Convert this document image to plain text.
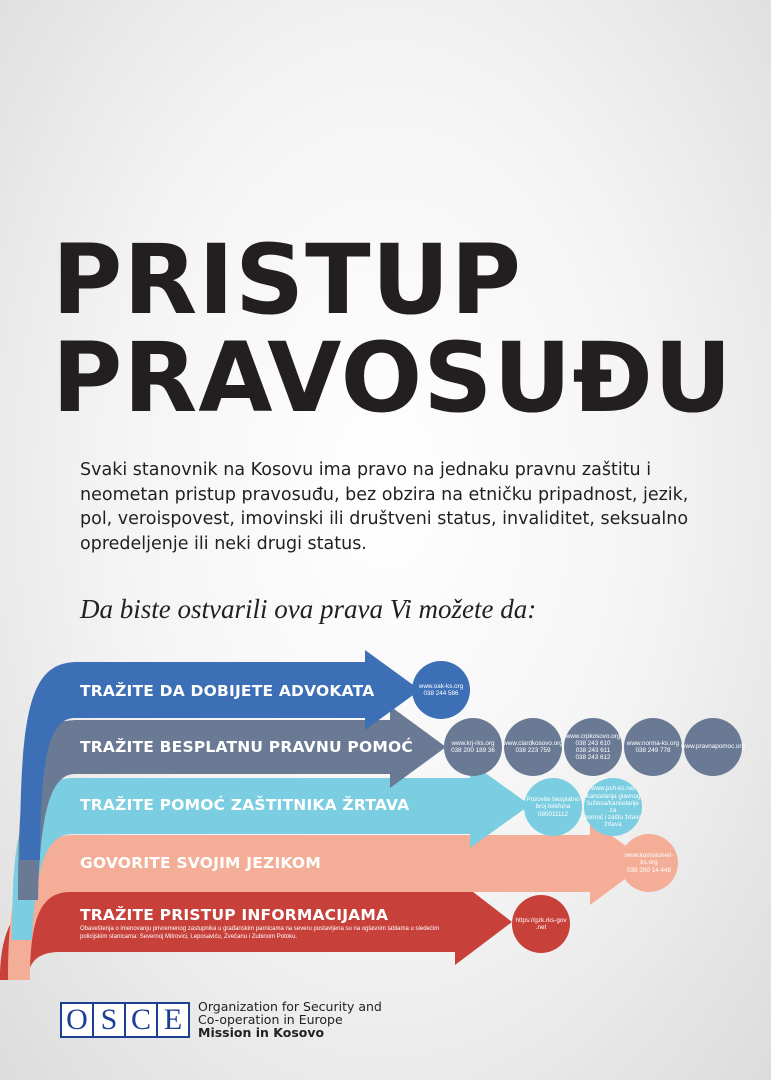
PRISTUP
PRAVOSUĐU

Svaki stanovnik na Kosovu ima pravo na jednaku pravnu zaštitu i neometan pristup pravosuđu, bez obzira na etničku pripadnost, jezik, pol, veroispovest, imovinski ili društveni status, invaliditet, seksualno opredeljenje ili neki drugi status.

Da biste ostvarili ova prava Vi možete da:

TRAŽITE DA DOBIJETE ADVOKATA
TRAŽITE BESPLATNU PRAVNU POMOĆ
TRAŽITE POMOĆ ZAŠTITNIKA ŽRTAVA
GOVORITE SVOJIM JEZIKOM
TRAŽITE PRISTUP INFORMACIJAMA
Obaveštenja o imenovanju privremenog zastupnika u građanskim parnicama na severu postavljena su na oglasnim tablama u sledećim policijskim stanicama: Severnoj Mitrovici, Leposaviću, Zvečanu i Zubinom Potoku.
www.oak-ks.org
038 244 586
www.krj-rks.org
038 200 189 36
www.clardkosovo.org
038 223 759
www.crpkosovo.org
038 243 610
038 243 611
038 243 612
www.norma-ks.org
038 249 778
www.pravnapomoc.org
Pozovite besplatno
broj telefona
080011112
www.psh-ks.net
Kancelarija glavnog
tužioca/kancelarije za
pomoć i zaštu žrtava
žrtava
www.komisioneri-ks.org
038 200 14 448
https://gzk.rks-gov .net
O S C E	Organization for Security and
Co-operation in Europe
Mission in Kosovo
